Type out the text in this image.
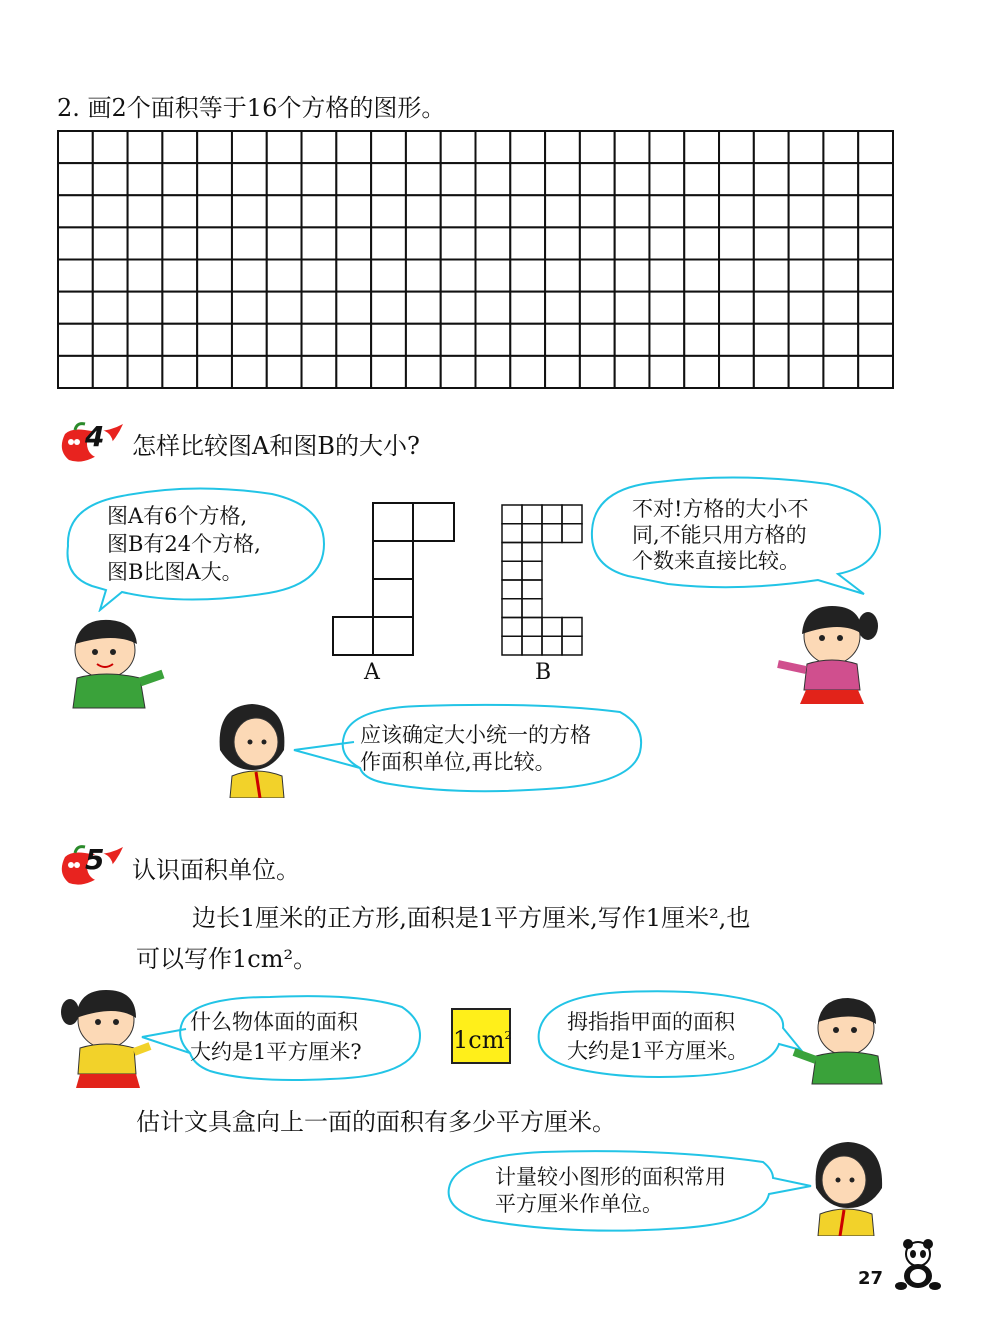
2. 画2个面积等于16个方格的图形。
4 怎样比较图A和图B的大小?
图A有6个方格,
图B有24个方格,
图B比图A大。
A	B
不对!方格的大小不
同,不能只用方格的
个数来直接比较。
应该确定大小统一的方格
作面积单位,再比较。
5 认识面积单位。
边长1厘米的正方形,面积是1平方厘米,写作1厘米²,也
可以写作1cm²。
什么物体面的面积
大约是1平方厘米?	$1cm^2$
拇指指甲面的面积
大约是1平方厘米。
估计文具盒向上一面的面积有多少平方厘米。
计量较小图形的面积常用
平方厘米作单位。
27
